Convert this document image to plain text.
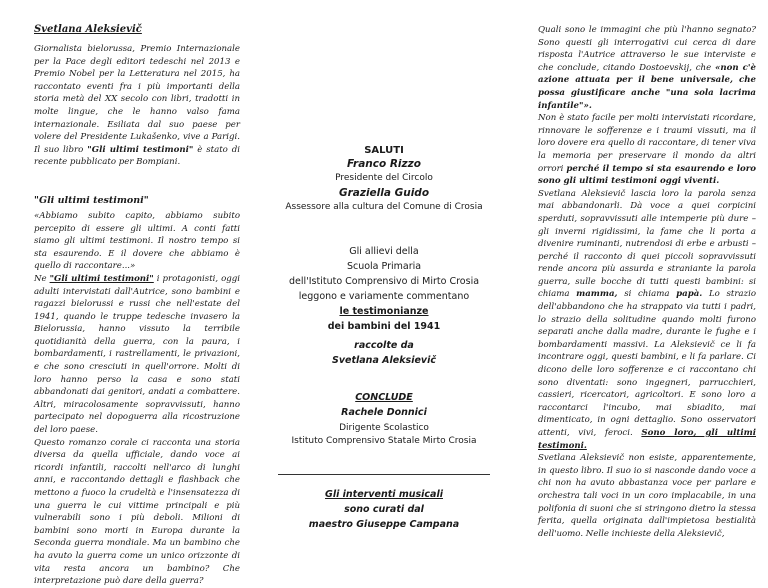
Svetlana Aleksievič

Giornalista bielorussa, Premio Internazionale per la Pace degli editori tedeschi nel 2013 e Premio Nobel per la Letteratura nel 2015, ha raccontato eventi fra i più importanti della storia metà del XX secolo con libri, tradotti in molte lingue, che le hanno valso fama internazionale. Esiliata dal suo paese per volere del Presidente Lukašenko, vive a Parigi. Il suo libro "Gli ultimi testimoni" è stato di recente pubblicato per Bompiani.

"Gli ultimi testimoni"

«Abbiamo subito capito, abbiamo subito percepito di essere gli ultimi. A conti fatti siamo gli ultimi testimoni. Il nostro tempo si sta esaurendo. E il dovere che abbiamo è quello di raccontare...»

Ne "Gli ultimi testimoni" i protagonisti, oggi adulti intervistati dall'Autrice, sono bambini e ragazzi bielorussi e russi che nell'estate del 1941, quando le truppe tedesche invasero la Bielorussia, hanno vissuto la terribile quotidianità della guerra, con la paura, i bombardamenti, i rastrellamenti, le privazioni, e che sono cresciuti in quell'orrore. Molti di loro hanno perso la casa e sono stati abbandonati dai genitori, andati a combattere. Altri, miracolosamente sopravvissuti, hanno partecipato nel dopoguerra alla ricostruzione del loro paese.

Questo romanzo corale ci racconta una storia diversa da quella ufficiale, dando voce ai ricordi infantili, raccolti nell'arco di lunghi anni, e raccontando dettagli e flashback che mettono a fuoco la crudeltà e l'insensatezza di una guerra le cui vittime principali e più vulnerabili sono i più deboli. Milioni di bambini sono morti in Europa durante la Seconda guerra mondiale. Ma un bambino che ha avuto la guerra come un unico orizzonte di vita resta ancora un bambino? Che interpretazione può dare della guerra?

SALUTI

Franco Rizzo

Presidente del Circolo

Graziella Guido

Assessore alla cultura del Comune di Crosia

Gli allievi della

Scuola Primaria

dell'Istituto Comprensivo di Mirto Crosia

leggono e variamente commentano

le testimonianze

dei bambini del 1941

raccolte da

Svetlana Aleksievič

CONCLUDE

Rachele Donnici

Dirigente Scolastico

Istituto Comprensivo Statale Mirto Crosia

Gli interventi musicali

sono curati dal

maestro Giuseppe Campana

Quali sono le immagini che più l'hanno segnato? Sono questi gli interrogativi cui cerca di dare risposta l'Autrice attraverso le sue interviste e che conclude, citando Dostoevskij, che «non c'è azione attuata per il bene universale, che possa giustificare anche "una sola lacrima infantile"».

Non è stato facile per molti intervistati ricordare, rinnovare le sofferenze e i traumi vissuti, ma il loro dovere era quello di raccontare, di tener viva la memoria per preservare il mondo da altri orrori perché il tempo si sta esaurendo e loro sono gli ultimi testimoni oggi viventi.

Svetlana Aleksievič lascia loro la parola senza mai abbandonarli. Dà voce a quei corpicini sperduti, sopravvissuti alle intemperie più dure – gli inverni rigidissimi, la fame che li porta a divenire ruminanti, nutrendosi di erbe e arbusti – perché il racconto di quei piccoli sopravvissuti rende ancora più assurda e straniante la parola guerra, sulle bocche di tutti questi bambini: si chiama mamma, si chiama papà. Lo strazio dell'abbandono che ha strappato via tutti i padri, lo strazio della solitudine quando molti furono separati anche dalla madre, durante le fughe e i bombardamenti massivi. La Aleksievič ce li fa incontrare oggi, questi bambini, e li fa parlare. Ci dicono delle loro sofferenze e ci raccontano chi sono diventati: sono ingegneri, parrucchieri, cassieri, ricercatori, agricoltori. E sono loro a raccontarci l'incubo, mai sbiadito, mai dimenticato, in ogni dettaglio. Sono osservatori attenti, vivi, feroci. Sono loro, gli ultimi testimoni.

Svetlana Aleksievič non esiste, apparentemente, in questo libro. Il suo io si nasconde dando voce a chi non ha avuto abbastanza voce per parlare e orchestra tali voci in un coro implacabile, in una polifonia di suoni che si stringono dietro la stessa ferita, quella originata dall'impietosa bestialità dell'uomo. Nelle inchieste della Aleksievič,
